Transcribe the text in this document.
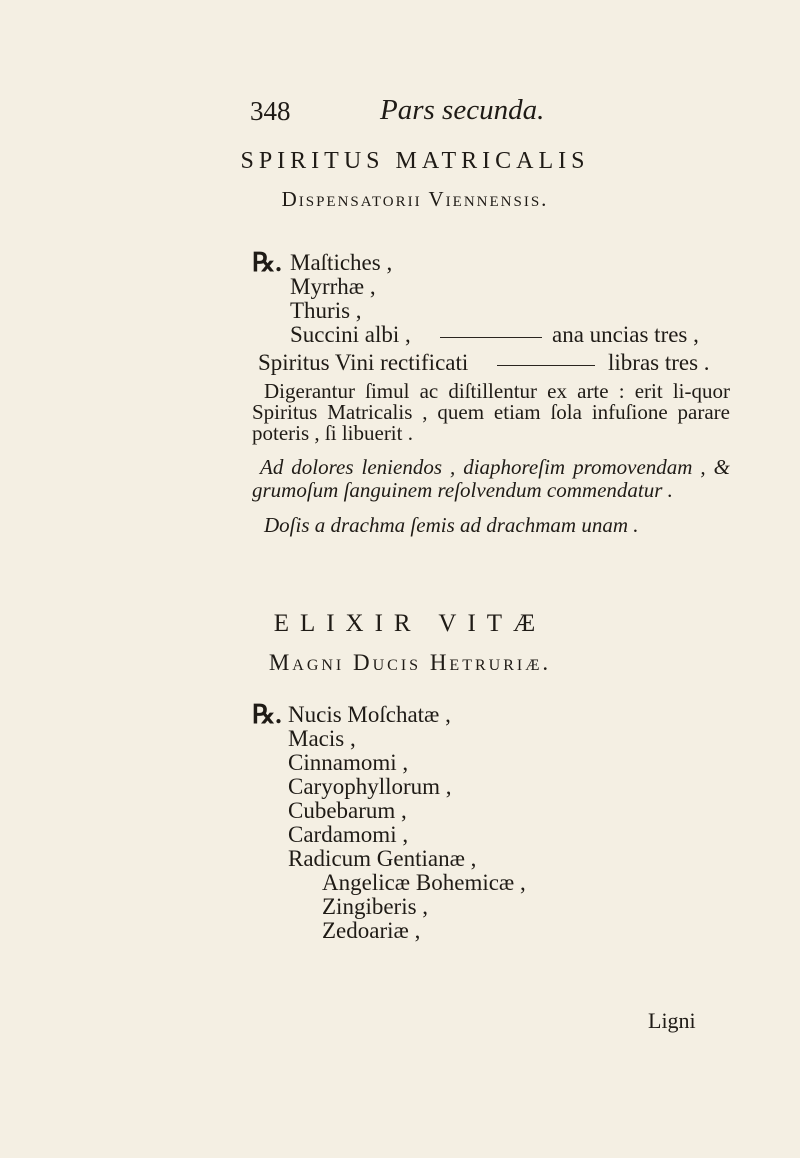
348	Pars secunda.
SPIRITUS MATRICALIS
Dispensatorii Viennensis.
℞. Maſtiches ,
Myrrhæ ,
Thuris ,
Succini albi ,	ana uncias tres ,
Spiritus Vini rectificati	libras tres .
Digerantur ſimul ac diſtillentur ex arte : erit li-quor Spiritus Matricalis , quem etiam ſola infuſione parare poteris , ſi libuerit .
Ad dolores leniendos , diaphoreſim promovendam , & grumoſum ſanguinem reſolvendum commendatur .
Doſis a drachma ſemis ad drachmam unam .
ELIXIR VITÆ
Magni Ducis Hetruriæ.
℞. Nucis Moſchatæ ,
Macis ,
Cinnamomi ,
Caryophyllorum ,
Cubebarum ,
Cardamomi ,
Radicum Gentianæ ,
Angelicæ Bohemicæ ,
Zingiberis ,
Zedoariæ ,
Ligni
